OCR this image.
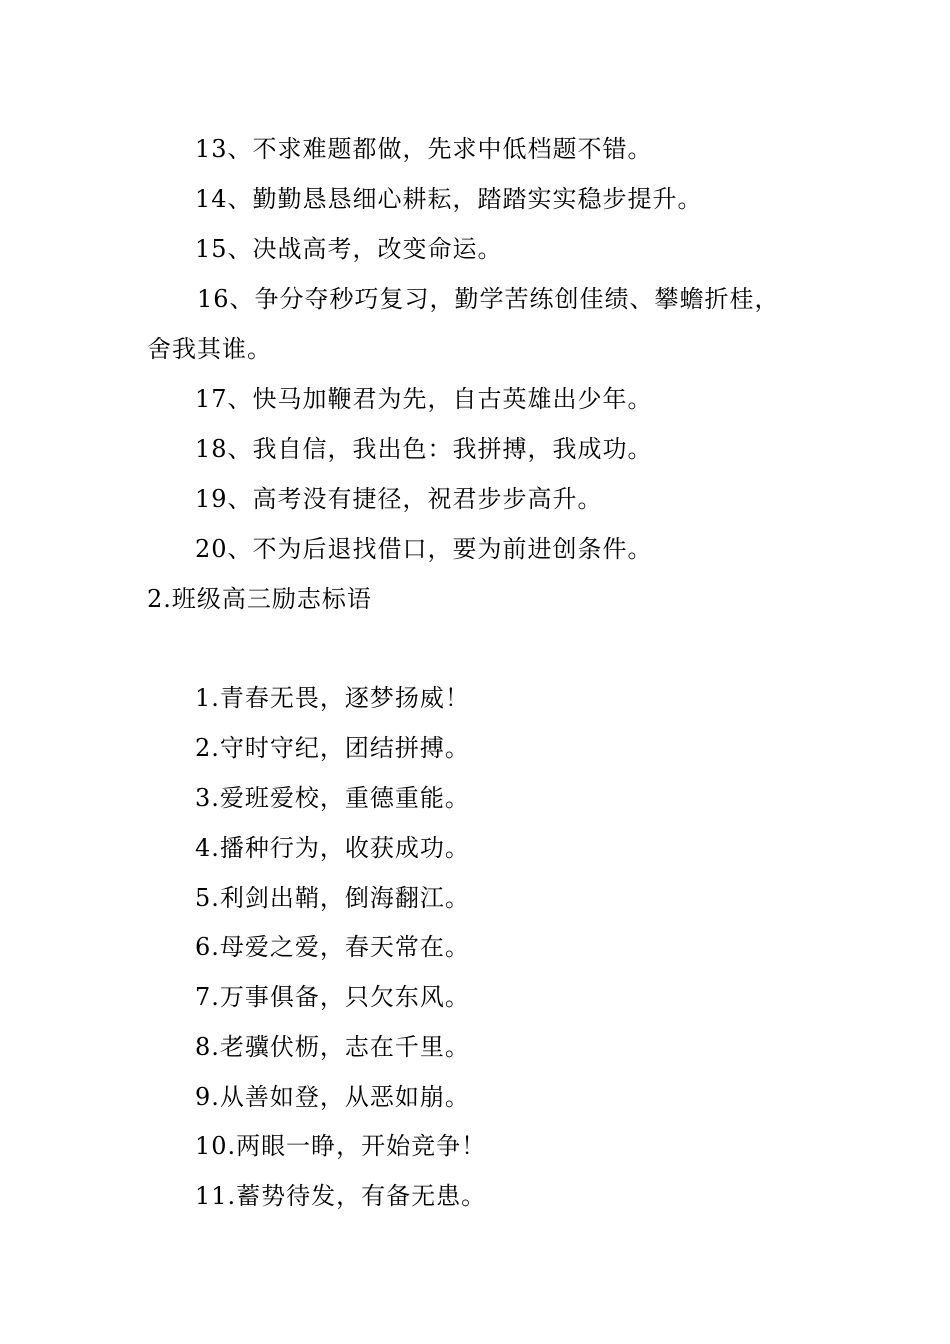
13、不求难题都做，先求中低档题不错。
14、勤勤恳恳细心耕耘，踏踏实实稳步提升。
15、决战高考，改变命运。
16、争分夺秒巧复习，勤学苦练创佳绩、攀蟾折桂，
舍我其谁。
17、快马加鞭君为先，自古英雄出少年。
18、我自信，我出色：我拼搏，我成功。
19、高考没有捷径，祝君步步高升。
20、不为后退找借口，要为前进创条件。
2.班级高三励志标语
1.青春无畏，逐梦扬威！
2.守时守纪，团结拼搏。
3.爱班爱校，重德重能。
4.播种行为，收获成功。
5.利剑出鞘，倒海翻江。
6.母爱之爱，春天常在。
7.万事俱备，只欠东风。
8.老骥伏枥，志在千里。
9.从善如登，从恶如崩。
10.两眼一睁，开始竞争！
11.蓄势待发，有备无患。
